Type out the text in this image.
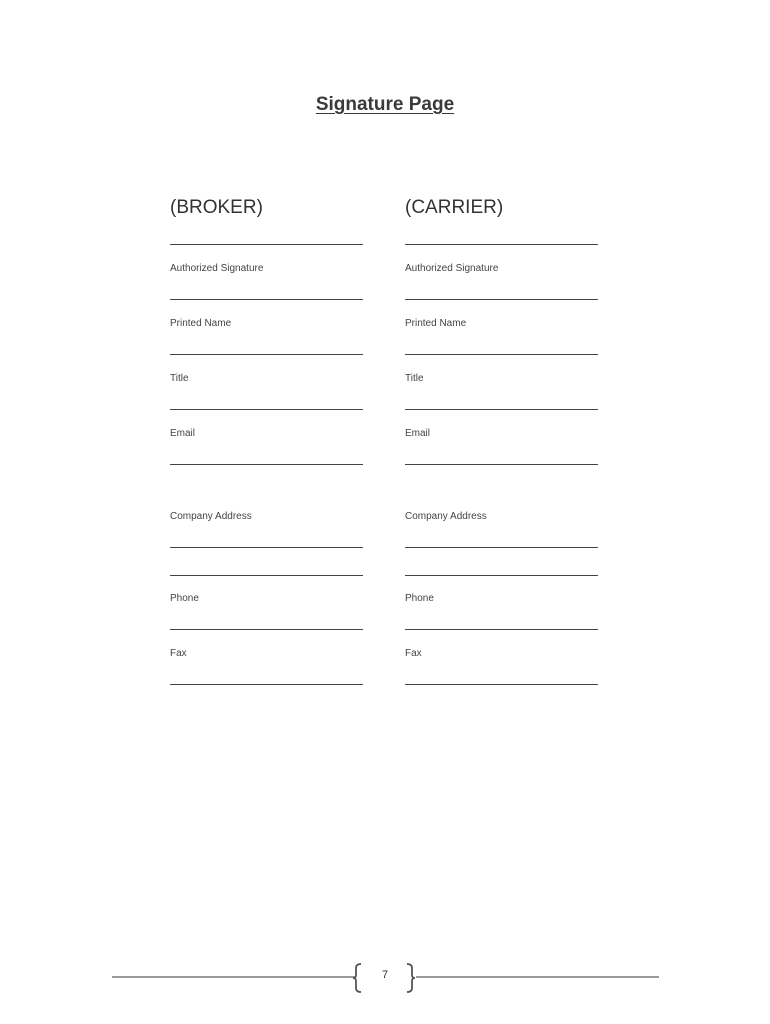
Signature Page
(BROKER)
Authorized Signature
Printed Name
Title
Email
Company Address
Phone
Fax
(CARRIER)
Authorized Signature
Printed Name
Title
Email
Company Address
Phone
Fax
7
